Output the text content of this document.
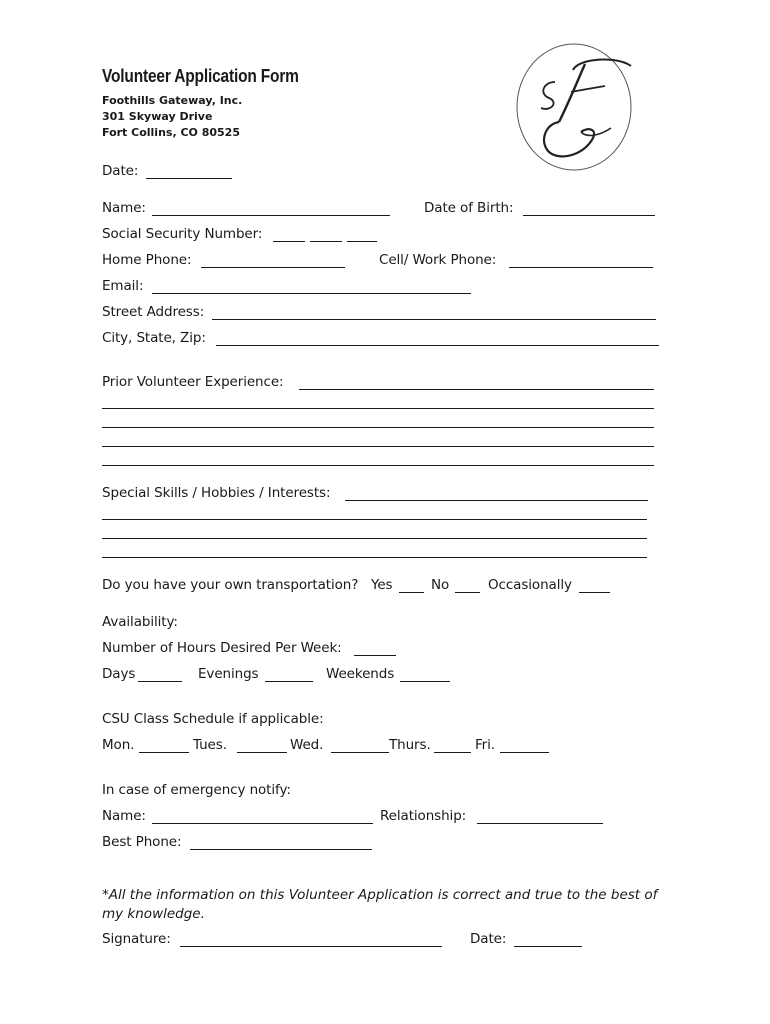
Volunteer Application Form
Foothills Gateway, Inc.
301 Skyway Drive
Fort Collins, CO 80525
Date:
Name:	Date of Birth:
Social Security Number:
Home Phone:	Cell/ Work Phone:
Email:
Street Address:
City, State, Zip:
Prior Volunteer Experience:
Special Skills / Hobbies / Interests:
Do you have your own transportation? Yes	No	Occasionally
Availability:
Number of Hours Desired Per Week:
Days	Evenings	Weekends
CSU Class Schedule if applicable:
Mon.	Tues.	Wed.	Thurs.	Fri.
In case of emergency notify:
Name:	Relationship:
Best Phone:
*All the information on this Volunteer Application is correct and true to the best of my knowledge.
Signature:	Date:
